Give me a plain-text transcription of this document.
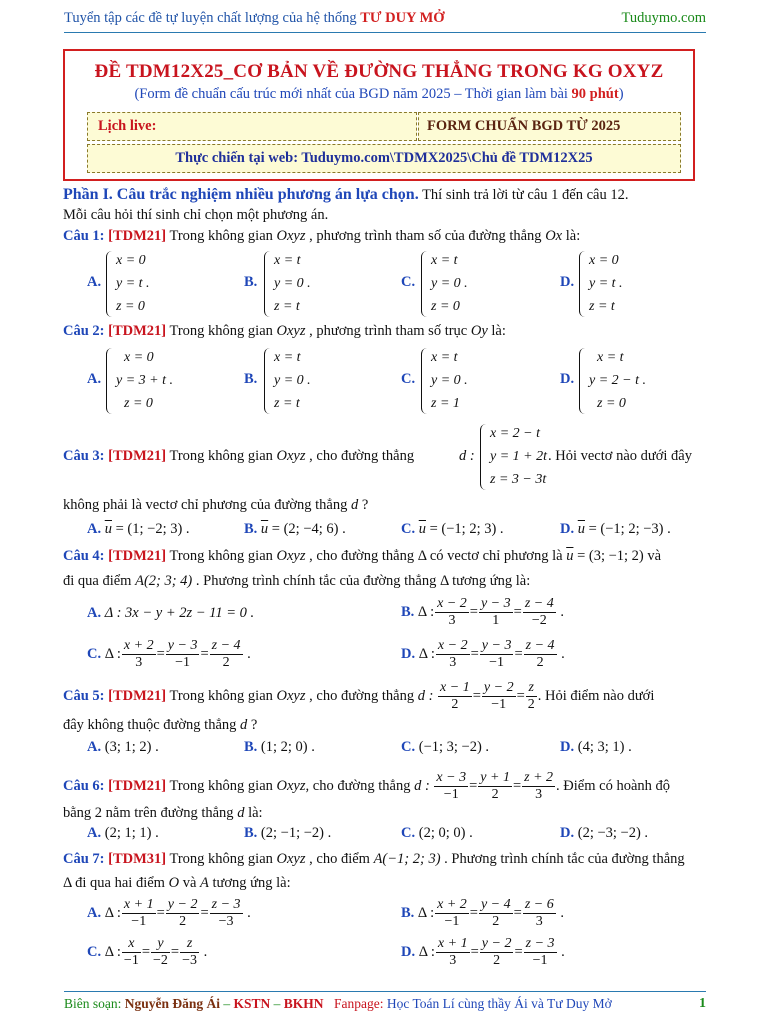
Tuyển tập các đề tự luyện chất lượng của hệ thống TƯ DUY MỞ	Tuduymo.com
ĐỀ TDM12X25_CƠ BẢN VỀ ĐƯỜNG THẲNG TRONG KG OXYZ
(Form đề chuẩn cấu trúc mới nhất của BGD năm 2025 – Thời gian làm bài 90 phút)
Lịch live:	FORM CHUẨN BGD TỪ 2025
Thực chiến tại web: Tuduymo.com\TDMX2025\Chủ đề TDM12X25
Phần I. Câu trắc nghiệm nhiều phương án lựa chọn. Thí sinh trả lời từ câu 1 đến câu 12.
Mỗi câu hỏi thí sinh chỉ chọn một phương án.
Câu 1: [TDM21] Trong không gian Oxyz , phương trình tham số của đường thẳng Ox là:
A.
x = 0
y = t .
z = 0
B.
x = t
y = 0 .
z = t
C.
x = t
y = 0 .
z = 0
D.
x = 0
y = t .
z = t
Câu 2: [TDM21] Trong không gian Oxyz , phương trình tham số trục Oy là:
A.
x = 0
y = 3 + t .
z = 0
B.
x = t
y = 0 .
z = t
C.
x = t
y = 0 .
z = 1
D.
x = t
y = 2 − t .
z = 0
Câu 3: [TDM21] Trong không gian Oxyz , cho đường thẳng	d :
x = 2 − t
y = 1 + 2t
z = 3 − 3t
. Hỏi vectơ nào dưới đây
không phải là vectơ chỉ phương của đường thẳng d ?
A. $\overline{u} = (1$; −2; 3) .	B. $\overline{u} = (2$; −4; 6) .	C. $\overline{u} = (-1$; 2; 3) .	D. $\overline{u} = (-1$; 2; −3) .
Câu 4: [TDM21] Trong không gian Oxyz , cho đường thẳng Δ có vectơ chỉ phương là $\overline{u} = (3$; −1; 2) và
đi qua điểm A(2; 3; 4) . Phương trình chính tắc của đường thẳng Δ tương ứng là:
A. Δ : 3x − y + 2z − 11 = 0 .	B. Δ : $\frac{x - 2}{3} = \frac{y - 3}{1} = \frac{z - 4}{-2}$ .
C. Δ : $\frac{x + 2}{3} = \frac{y - 3}{-1} = \frac{z - 4}{2}$ .	D. Δ : $\frac{x - 2}{3} = \frac{y - 3}{-1} = \frac{z - 4}{2}$ .
Câu 5: [TDM21] Trong không gian Oxyz , cho đường thẳng d : $\frac{x - 1}{2} = \frac{y - 2}{-1} = \frac{z}{2}$ . Hỏi điểm nào dưới
đây không thuộc đường thẳng d ?
A. (3; 1; 2) .	B. (1; 2; 0) .	C. (−1; 3; −2) .	D. (4; 3; 1) .
Câu 6: [TDM21] Trong không gian Oxyz, cho đường thẳng d : $\frac{x - 3}{-1} = \frac{y + 1}{2} = \frac{z + 2}{3}$ . Điểm có hoành độ
bằng 2 nằm trên đường thẳng d là:
A. (2; 1; 1) .	B. (2; −1; −2) .	C. (2; 0; 0) .	D. (2; −3; −2) .
Câu 7: [TDM31] Trong không gian Oxyz , cho điểm A(−1; 2; 3) . Phương trình chính tắc của đường thẳng
Δ đi qua hai điểm O và A tương ứng là:
A. Δ : $\frac{x + 1}{-1} = \frac{y - 2}{2} = \frac{z - 3}{-3}$ .	B. Δ : $\frac{x + 2}{-1} = \frac{y - 4}{2} = \frac{z - 6}{3}$ .
C. Δ : $\frac{x}{-1} = \frac{y}{-2} = \frac{z}{-3}$ .	D. Δ : $\frac{x + 1}{3} = \frac{y - 2}{2} = \frac{z - 3}{-1}$ .
Biên soạn: Nguyễn Đăng Ái – KSTN – BKHN Fanpage: Học Toán Lí cùng thầy Ái và Tư Duy Mở	1
